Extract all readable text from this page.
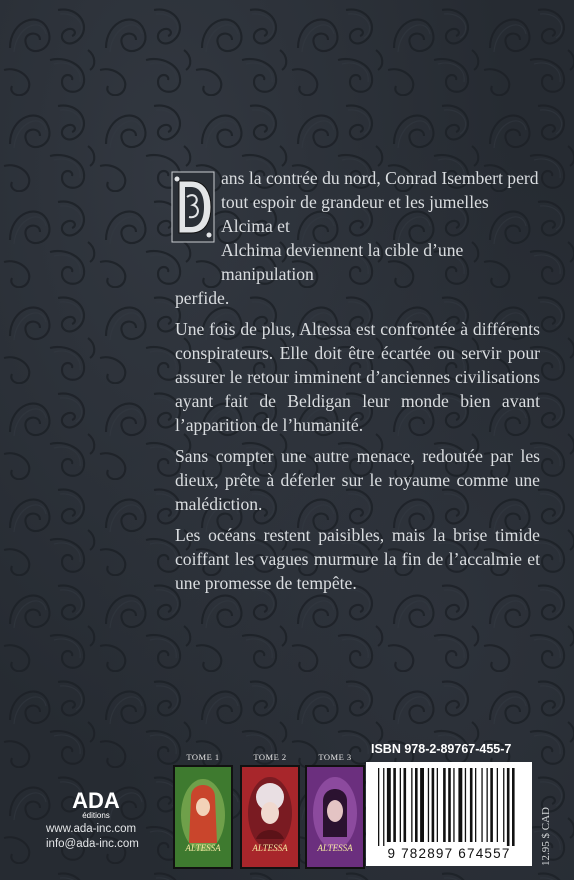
ans la contrée du nord, Conrad Isembert perd
tout espoir de grandeur et les jumelles Alcima et
Alchima deviennent la cible d’une manipulation
perfide.

Une fois de plus, Altessa est confrontée à différents conspirateurs. Elle doit être écartée ou servir pour assurer le retour imminent d’anciennes civilisations ayant fait de Beldigan leur monde bien avant l’apparition de l’humanité.

Sans compter une autre menace, redoutée par les dieux, prête à déferler sur le royaume comme une malédiction.

Les océans restent paisibles, mais la brise timide coiffant les vagues murmure la fin de l’accalmie et une promesse de tempête.

ADA
éditions
www.ada-inc.com
info@ada-inc.com
TOME 1	TOME 2	TOME 3
ALTESSA	ALTESSA	ALTESSA
ISBN 978-2-89767-455-7
9 782897 674557	12.95 $ CAD
